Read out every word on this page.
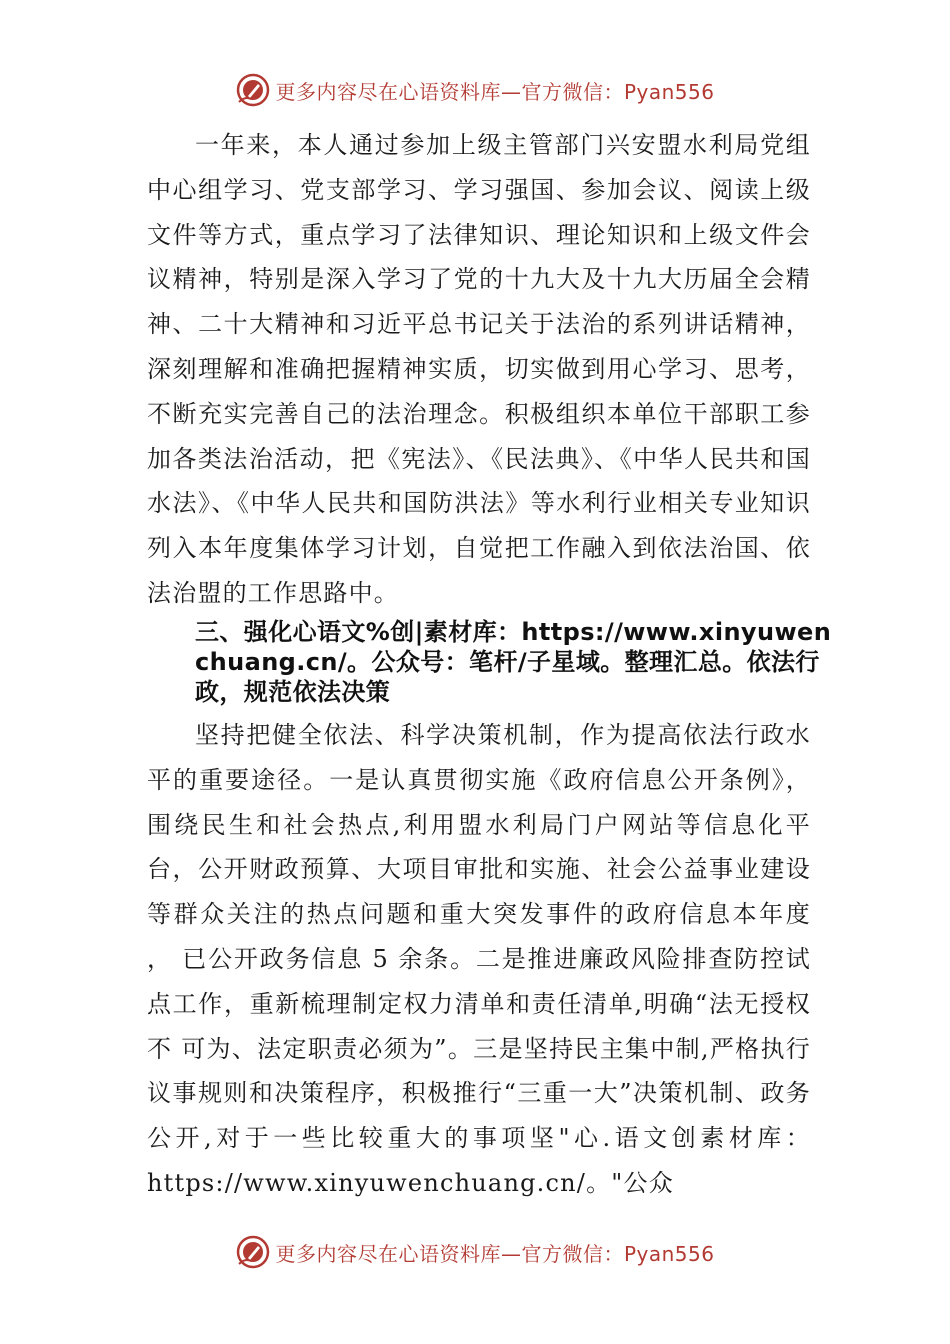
更多内容尽在心语资料库—官方微信：Pyan556

一年来，本人通过参加上级主管部门兴安盟水利局党组中心组学习、党支部学习、学习强国、参加会议、阅读上级文件等方式，重点学习了法律知识、理论知识和上级文件会议精神，特别是深入学习了党的十九大及十九大历届全会精神、二十大精神和习近平总书记关于法治的系列讲话精神，深刻理解和准确把握精神实质，切实做到用心学习、思考，不断充实完善自己的法治理念。积极组织本单位干部职工参加各类法治活动，把《宪法》、《民法典》、《中华人民共和国水法》、《中华人民共和国防洪法》等水利行业相关专业知识列入本年度集体学习计划，自觉把工作融入到依法治国、依法治盟的工作思路中。

三、强化心语文%创|素材库：https://www.xinyuwenchuang.cn/。公众号：笔杆/子星域。整理汇总。依法行政，规范依法决策

坚持把健全依法、科学决策机制，作为提高依法行政水平的重要途径。一是认真贯彻实施《政府信息公开条例》，围绕民生和社会热点,利用盟水利局门户网站等信息化平台，公开财政预算、大项目审批和实施、社会公益事业建设等群众关注的热点问题和重大突发事件的政府信息本年度 ， 已公开政务信息 5 余条。二是推进廉政风险排查防控试点工作，重新梳理制定权力清单和责任清单,明确“法无授权不 可为、法定职责必须为”。三是坚持民主集中制,严格执行议事规则和决策程序，积极推行“三重一大”决策机制、政务 公开,对于一些比较重大的事项坚"心.语文创素材库：https://www.xinyuwenchuang.cn/。"公众

更多内容尽在心语资料库—官方微信：Pyan556
